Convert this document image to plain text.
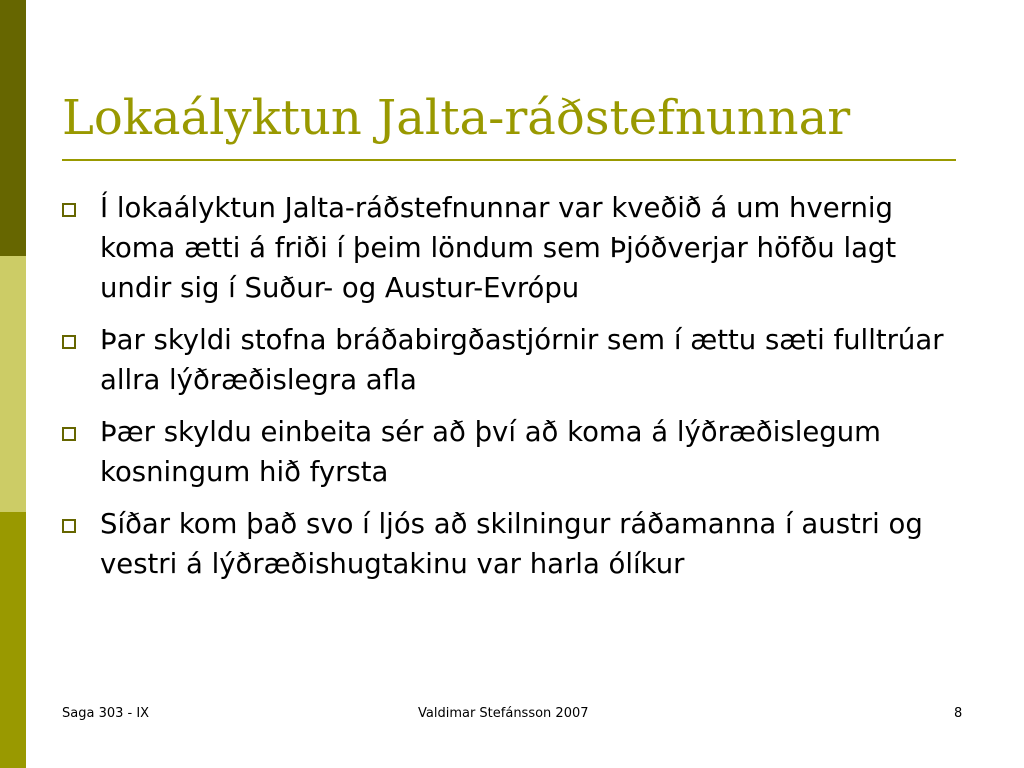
Lokaályktun Jalta-ráðstefnunnar
Í lokaályktun Jalta-ráðstefnunnar var kveðið á um hvernig koma ætti á friði í þeim löndum sem Þjóðverjar höfðu lagt undir sig í Suður- og Austur-Evrópu
Þar skyldi stofna bráðabirgðastjórnir sem í ættu sæti fulltrúar allra lýðræðislegra afla
Þær skyldu einbeita sér að því að koma á lýðræðislegum kosningum hið fyrsta
Síðar kom það svo í ljós að skilningur ráðamanna í austri og vestri á lýðræðishugtakinu var harla ólíkur
Saga 303 - IX	Valdimar Stefánsson 2007	8
